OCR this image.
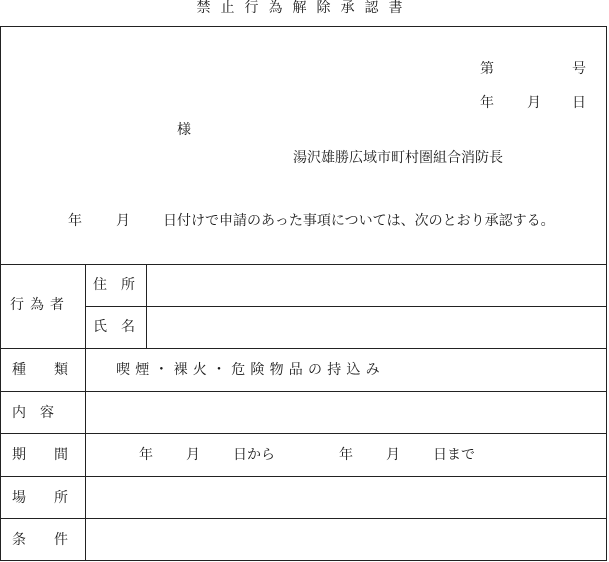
禁止行為解除承認書
第	号
年 月 日
様
湯沢雄勝広域市町村圏組合消防長
年 月 日付けで申請のあった事項については、次のとおり承認する。
行為者
住　所
氏　名
種　　類	喫煙・裸火・危険物品の持込み
内　容
期　　間	年 月 日から	年 月 日まで
場　　所
条　　件
